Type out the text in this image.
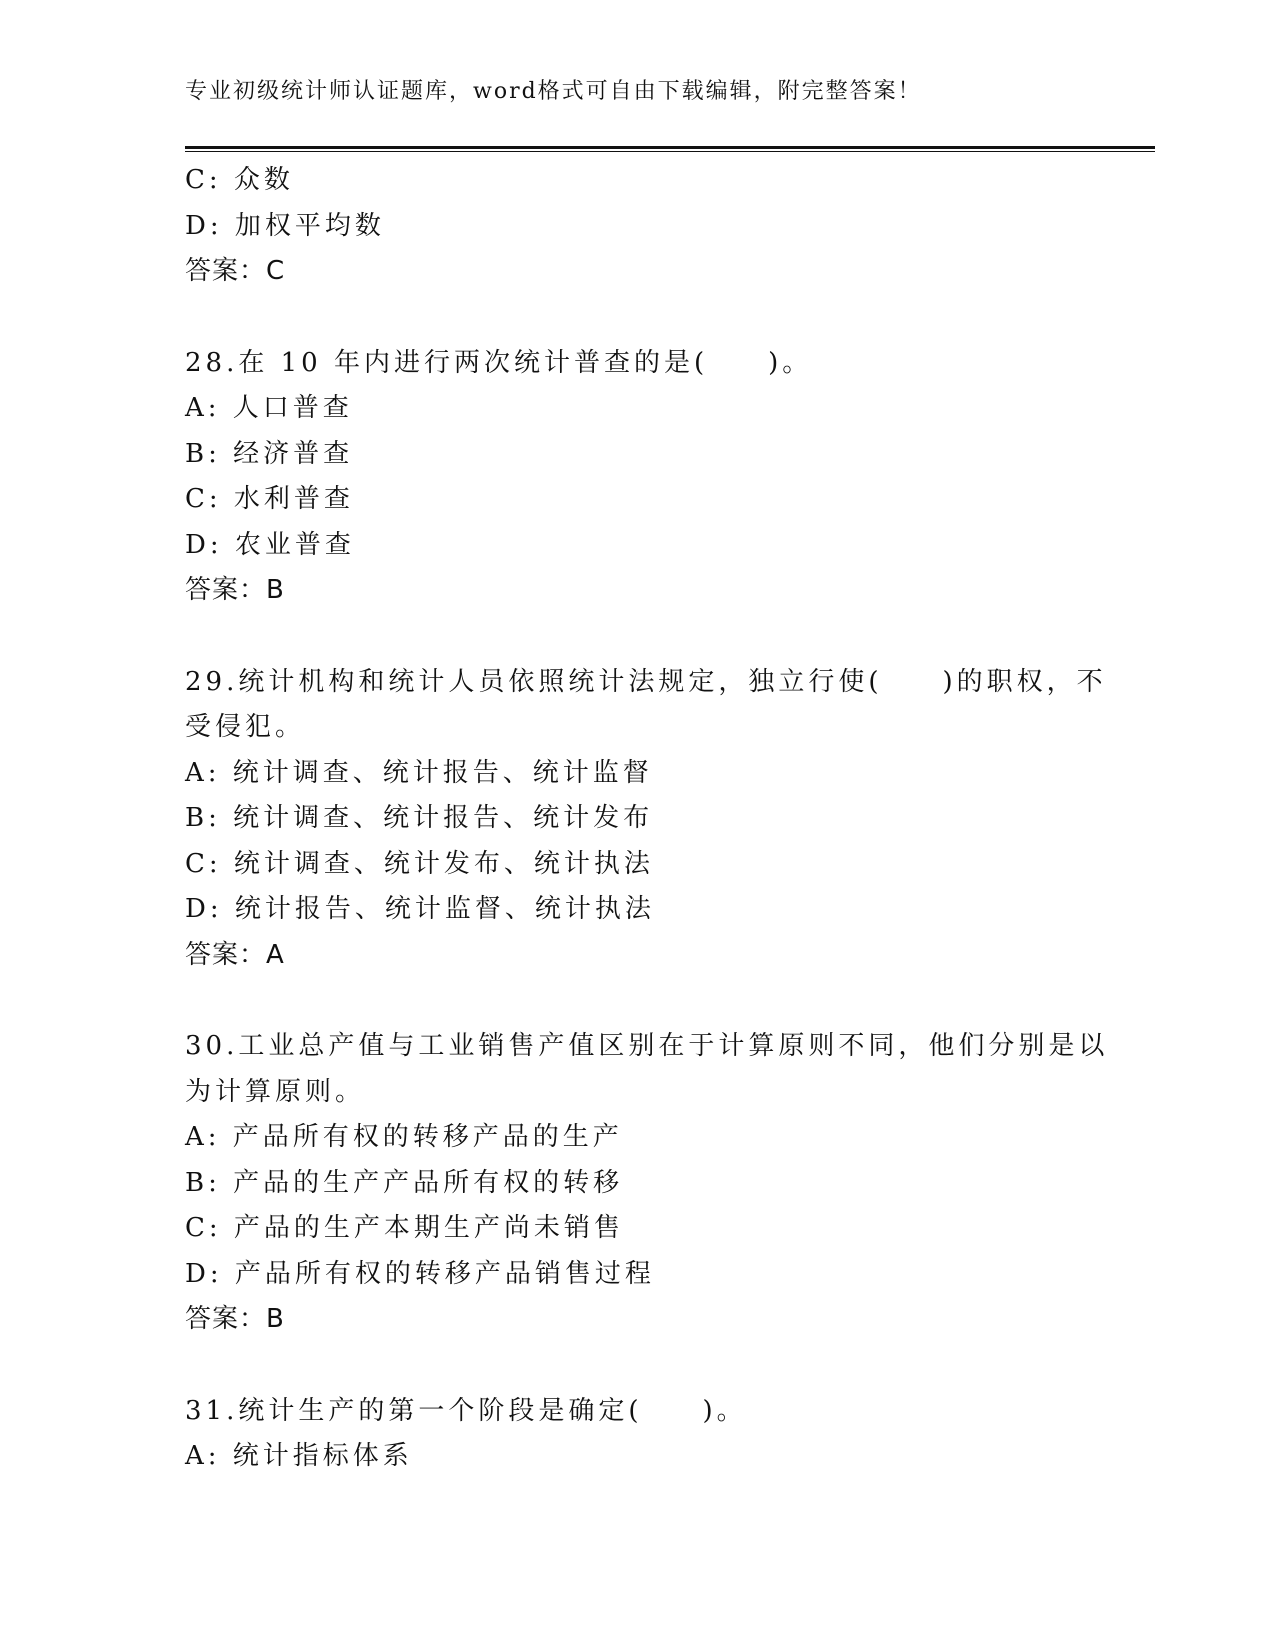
专业初级统计师认证题库，word格式可自由下载编辑，附完整答案！
C: 众数
D: 加权平均数
答案：C
28.在 10 年内进行两次统计普查的是(　　)。
A: 人口普查
B: 经济普查
C: 水利普查
D: 农业普查
答案：B
29.统计机构和统计人员依照统计法规定，独立行使(　　)的职权，不
受侵犯。
A: 统计调查、统计报告、统计监督
B: 统计调查、统计报告、统计发布
C: 统计调查、统计发布、统计执法
D: 统计报告、统计监督、统计执法
答案：A
30.工业总产值与工业销售产值区别在于计算原则不同，他们分别是以
为计算原则。
A: 产品所有权的转移产品的生产
B: 产品的生产产品所有权的转移
C: 产品的生产本期生产尚未销售
D: 产品所有权的转移产品销售过程
答案：B
31.统计生产的第一个阶段是确定(　　)。
A: 统计指标体系
